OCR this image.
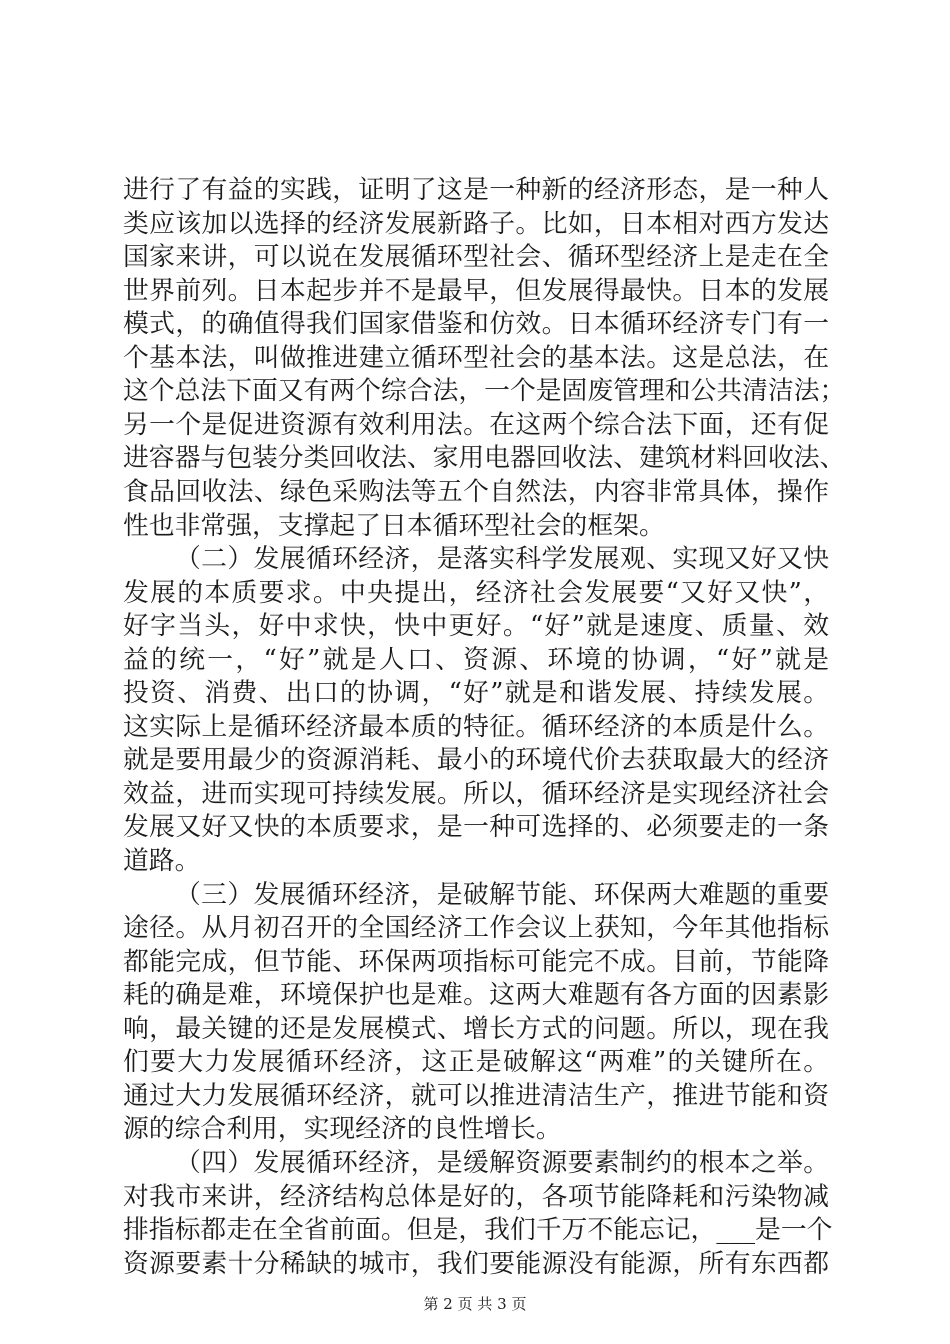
进行了有益的实践，证明了这是一种新的经济形态，是一种人
类应该加以选择的经济发展新路子。比如，日本相对西方发达
国家来讲，可以说在发展循环型社会、循环型经济上是走在全
世界前列。日本起步并不是最早，但发展得最快。日本的发展
模式，的确值得我们国家借鉴和仿效。日本循环经济专门有一
个基本法，叫做推进建立循环型社会的基本法。这是总法，在
这个总法下面又有两个综合法，一个是固废管理和公共清洁法；
另一个是促进资源有效利用法。在这两个综合法下面，还有促
进容器与包装分类回收法、家用电器回收法、建筑材料回收法、
食品回收法、绿色采购法等五个自然法，内容非常具体，操作
性也非常强，支撑起了日本循环型社会的框架。
（二）发展循环经济，是落实科学发展观、实现又好又快
发展的本质要求。中央提出，经济社会发展要“又好又快”，
好字当头，好中求快，快中更好。“好”就是速度、质量、效
益的统一，“好”就是人口、资源、环境的协调，“好”就是
投资、消费、出口的协调，“好”就是和谐发展、持续发展。
这实际上是循环经济最本质的特征。循环经济的本质是什么。
就是要用最少的资源消耗、最小的环境代价去获取最大的经济
效益，进而实现可持续发展。所以，循环经济是实现经济社会
发展又好又快的本质要求，是一种可选择的、必须要走的一条
道路。
（三）发展循环经济，是破解节能、环保两大难题的重要
途径。从月初召开的全国经济工作会议上获知，今年其他指标
都能完成，但节能、环保两项指标可能完不成。目前，节能降
耗的确是难，环境保护也是难。这两大难题有各方面的因素影
响，最关键的还是发展模式、增长方式的问题。所以，现在我
们要大力发展循环经济，这正是破解这“两难”的关键所在。
通过大力发展循环经济，就可以推进清洁生产，推进节能和资
源的综合利用，实现经济的良性增长。
（四）发展循环经济，是缓解资源要素制约的根本之举。
对我市来讲，经济结构总体是好的，各项节能降耗和污染物减
排指标都走在全省前面。但是，我们千万不能忘记，___是一个
资源要素十分稀缺的城市，我们要能源没有能源，所有东西都
第 2 页 共 3 页
